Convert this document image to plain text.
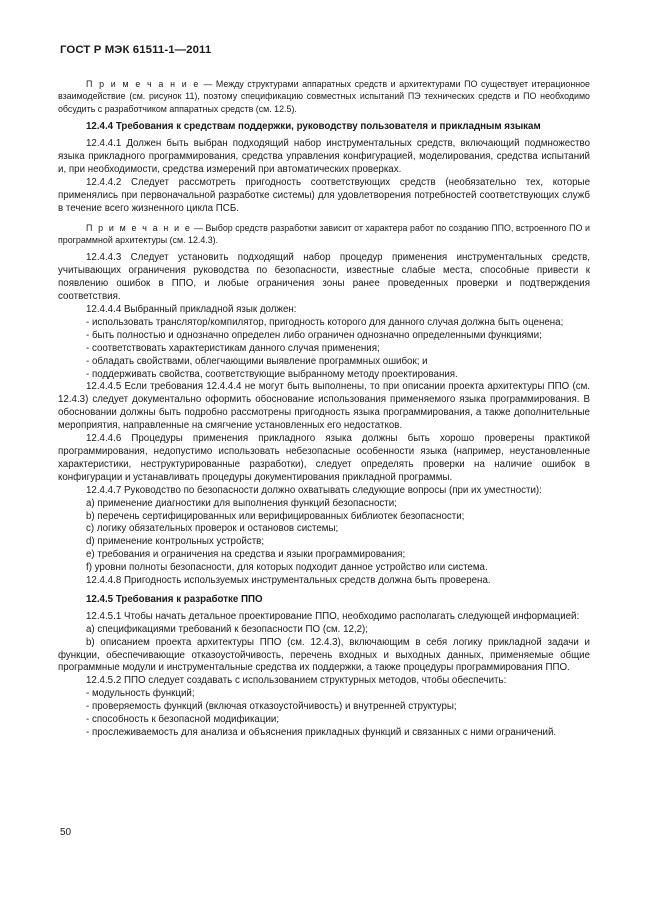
ГОСТ Р МЭК 61511-1—2011

П р и м е ч а н и е — Между структурами аппаратных средств и архитектурами ПО существует итерационное взаимодействие (см. рисунок 11), поэтому спецификацию совместных испытаний ПЭ технических средств и ПО необходимо обсудить с разработчиком аппаратных средств (см. 12.5).

12.4.4 Требования к средствам поддержки, руководству пользователя и прикладным языкам

12.4.4.1 Должен быть выбран подходящий набор инструментальных средств, включающий подмножество языка прикладного программирования, средства управления конфигурацией, моделирования, средства испытаний и, при необходимости, средства измерений при автоматических проверках.

12.4.4.2 Следует рассмотреть пригодность соответствующих средств (необязательно тех, которые применялись при первоначальной разработке системы) для удовлетворения потребностей соответствующих служб в течение всего жизненного цикла ПСБ.

П р и м е ч а н и е — Выбор средств разработки зависит от характера работ по созданию ППО, встроенного ПО и программной архитектуры (см. 12.4.3).

12.4.4.3 Следует установить подходящий набор процедур применения инструментальных средств, учитывающих ограничения руководства по безопасности, известные слабые места, способные привести к появлению ошибок в ППО, и любые ограничения зоны ранее проведенных проверки и подтверждения соответствия.

12.4.4.4 Выбранный прикладной язык должен:

- использовать транслятор/компилятор, пригодность которого для данного случая должна быть оценена;

- быть полностью и однозначно определен либо ограничен однозначно определенными функциями;

- соответствовать характеристикам данного случая применения;

- обладать свойствами, облегчающими выявление программных ошибок; и

- поддерживать свойства, соответствующие выбранному методу проектирования.

12.4.4.5 Если требования 12.4.4.4 не могут быть выполнены, то при описании проекта архитектуры ППО (см. 12.4.3) следует документально оформить обоснование использования применяемого языка программирования. В обосновании должны быть подробно рассмотрены пригодность языка программирования, а также дополнительные мероприятия, направленные на смягчение установленных его недостатков.

12.4.4.6 Процедуры применения прикладного языка должны быть хорошо проверены практикой программирования, недопустимо использовать небезопасные особенности языка (например, неустановленные характеристики, неструктурированные разработки), следует определять проверки на наличие ошибок в конфигурации и устанавливать процедуры документирования прикладной программы.

12.4.4.7 Руководство по безопасности должно охватывать следующие вопросы (при их уместности):

а) применение диагностики для выполнения функций безопасности;

b) перечень сертифицированных или верифицированных библиотек безопасности;

c) логику обязательных проверок и остановов системы;

d) применение контрольных устройств;

e) требования и ограничения на средства и языки программирования;

f) уровни полноты безопасности, для которых подходит данное устройство или система.

12.4.4.8 Пригодность используемых инструментальных средств должна быть проверена.

12.4.5 Требования к разработке ППО

12.4.5.1 Чтобы начать детальное проектирование ППО, необходимо располагать следующей информацией:

а) спецификациями требований к безопасности ПО (см. 12,2);

b) описанием проекта архитектуры ППО (см. 12.4.3), включающим в себя логику прикладной задачи и функции, обеспечивающие отказоустойчивость, перечень входных и выходных данных, применяемые общие программные модули и инструментальные средства их поддержки, а также процедуры программирования ППО.

12.4.5.2 ППО следует создавать с использованием структурных методов, чтобы обеспечить:

- модульность функций;

- проверяемость функций (включая отказоустойчивость) и внутренней структуры;

- способность к безопасной модификации;

- прослеживаемость для анализа и объяснения прикладных функций и связанных с ними ограничений.

50
